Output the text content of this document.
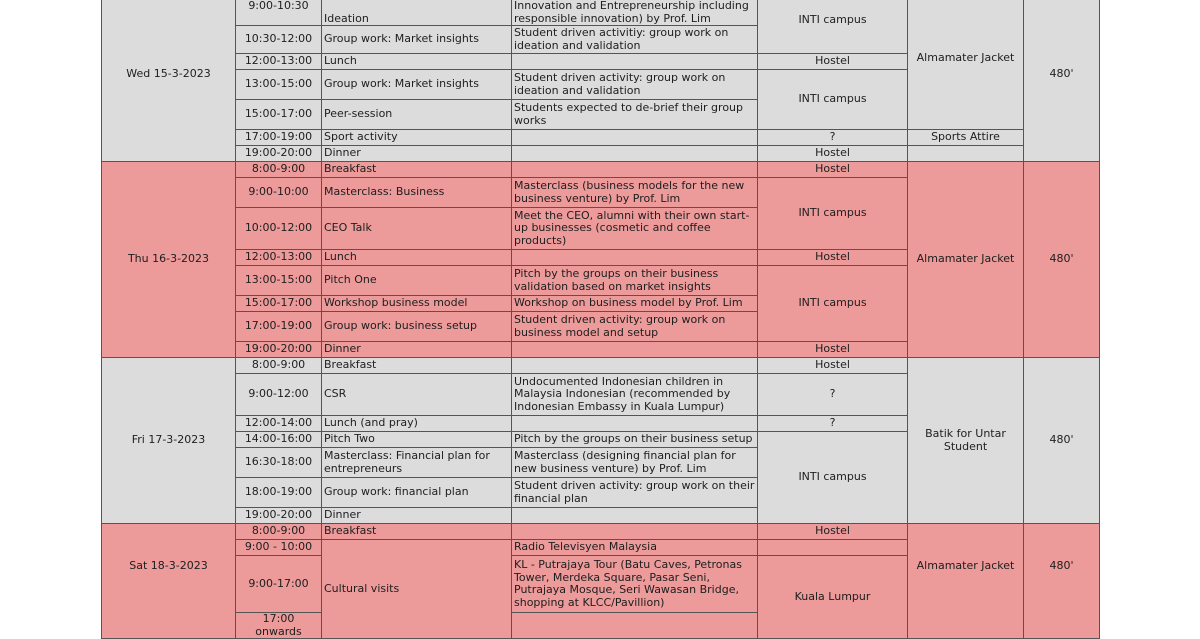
Wed 15-3-2023	9:00-10:30	Ideation	Innovation and Entrepreneurship including responsible innovation) by Prof. Lim	INTI campus	Almamater Jacket	480'	
	10:30-12:00	Group work: Market insights	Student driven activitiy: group work on ideation and validation				
	12:00-13:00	Lunch		Hostel			
	13:00-15:00	Group work: Market insights	Student driven activity: group work on ideation and validation	INTI campus			
	15:00-17:00	Peer-session	Students expected to de-brief their group works				
	17:00-19:00	Sport activity		?	Sports Attire		
	19:00-20:00	Dinner		Hostel			
Thu 16-3-2023	8:00-9:00	Breakfast		Hostel	Almamater Jacket	480'	
	9:00-10:00	Masterclass: Business	Masterclass (business models for the new business venture) by Prof. Lim	INTI campus			
	10:00-12:00	CEO Talk	Meet the CEO, alumni with their own start-up businesses (cosmetic and coffee products)				
	12:00-13:00	Lunch		Hostel			
	13:00-15:00	Pitch One	Pitch by the groups on their business validation based on market insights	INTI campus			
	15:00-17:00	Workshop business model	Workshop on business model by Prof. Lim				
	17:00-19:00	Group work: business setup	Student driven activity: group work on business model and setup				
	19:00-20:00	Dinner		Hostel			
Fri 17-3-2023	8:00-9:00	Breakfast		Hostel	Batik for Untar Student	480'	
	9:00-12:00	CSR	Undocumented Indonesian children in Malaysia Indonesian (recommended by Indonesian Embassy in Kuala Lumpur)	?			
	12:00-14:00	Lunch (and pray)		?			
	14:00-16:00	Pitch Two	Pitch by the groups on their business setup	INTI campus			
	16:30-18:00	Masterclass: Financial plan for entrepreneurs	Masterclass (designing financial plan for new business venture) by Prof. Lim				
	18:00-19:00	Group work: financial plan	Student driven activity: group work on their financial plan				
	19:00-20:00	Dinner		
Sat 18-3-2023	8:00-9:00	Breakfast		Hostel	Almamater Jacket	480'	
	9:00 - 10:00	Cultural visits	Radio Televisyen Malaysia				
	9:00-17:00		KL - Putrajaya Tour (Batu Caves, Petronas Tower, Merdeka Square, Pasar Seni, Putrajaya Mosque, Seri Wawasan Bridge, shopping at KLCC/Pavillion)	Kuala Lumpur			
	17:00 onwards						
